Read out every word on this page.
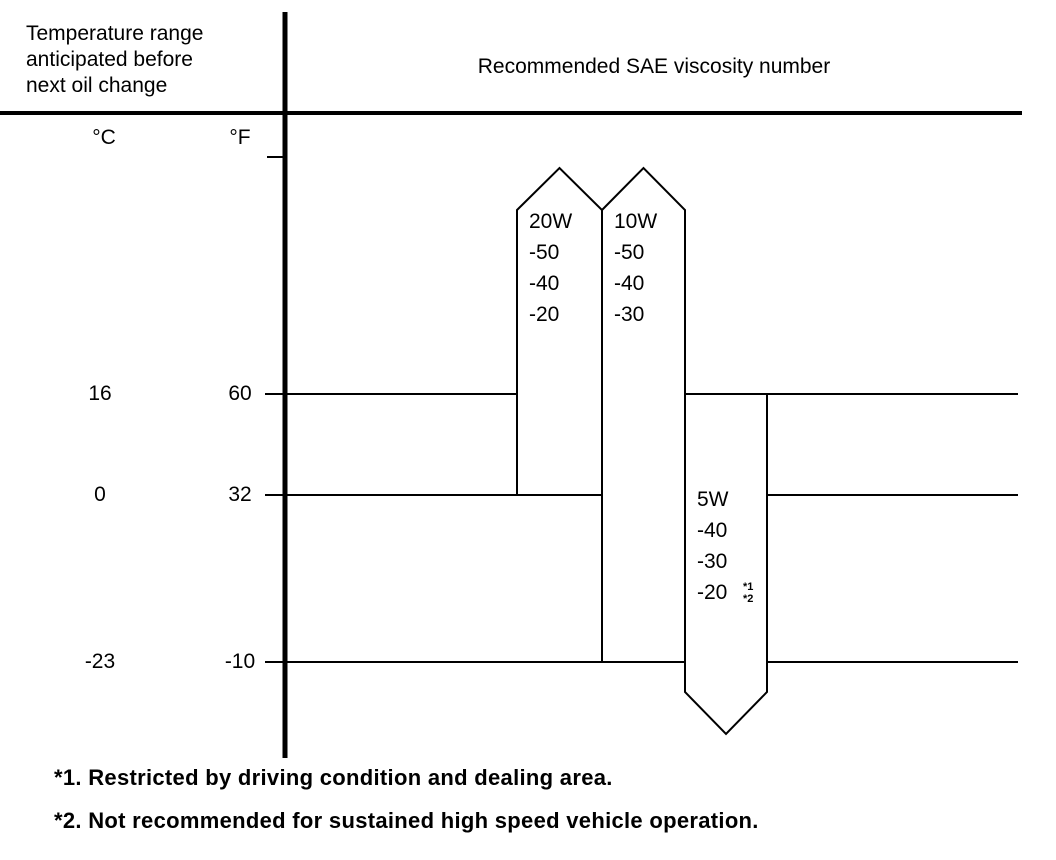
Temperature range
anticipated before
next oil change
Recommended SAE viscosity number
°C	°F
16	60
0	32
-23	-10
20W
-50
-40
-20
10W
-50
-40
-30
5W
-40
-30
-20 *1
*2
*1. Restricted by driving condition and dealing area.
*2. Not recommended for sustained high speed vehicle operation.
